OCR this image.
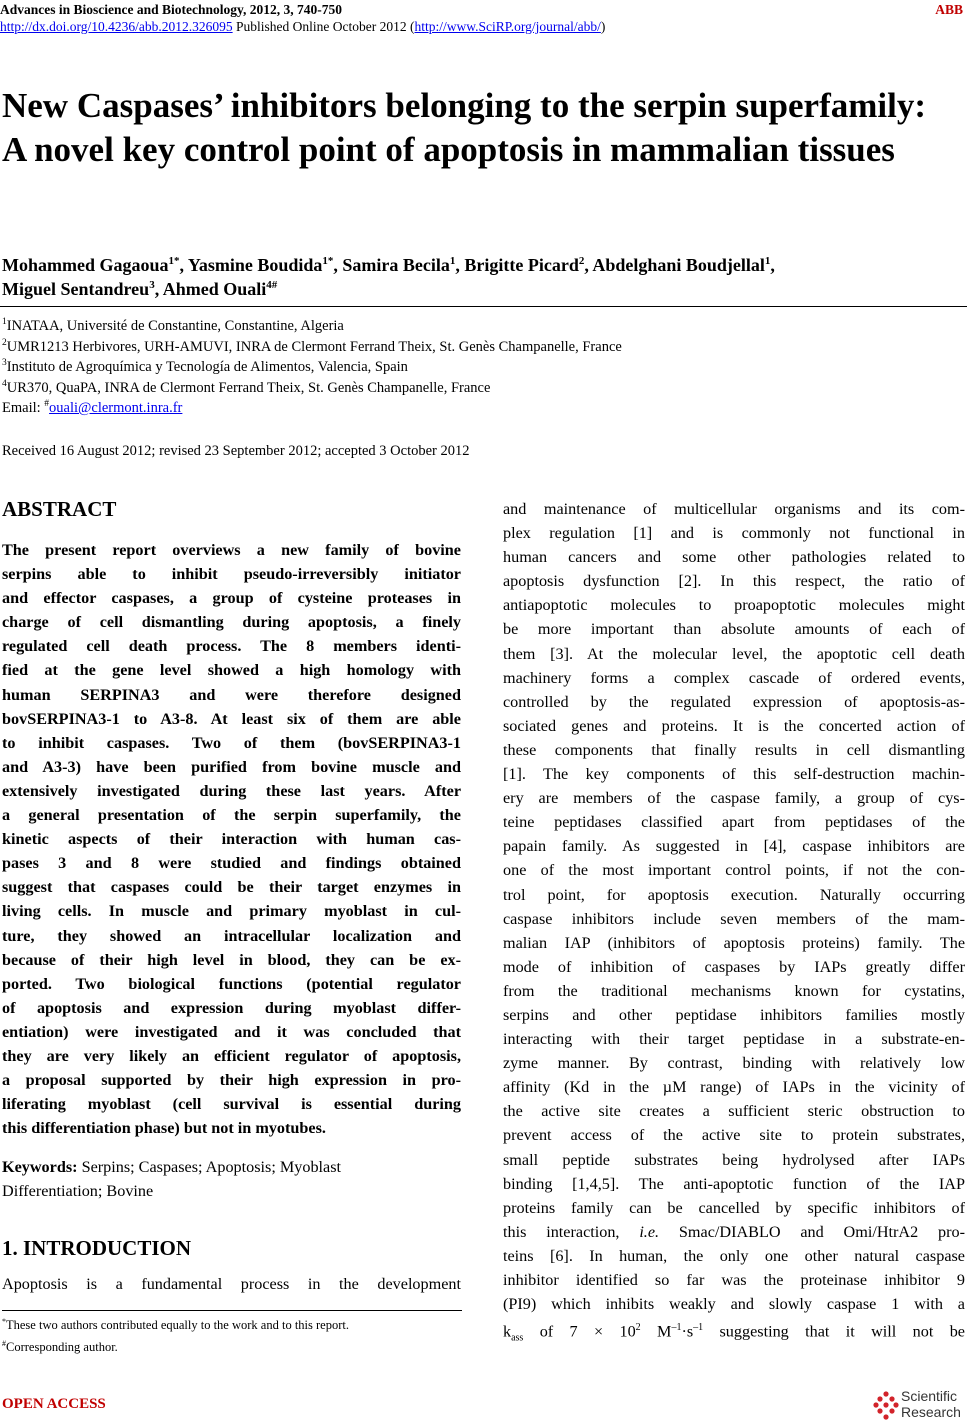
Advances in Bioscience and Biotechnology, 2012, 3, 740-750	ABB
http://dx.doi.org/10.4236/abb.2012.326095 Published Online October 2012 (http://www.SciRP.org/journal/abb/)
New Caspases’ inhibitors belonging to the serpin superfamily: A novel key control point of apoptosis in mammalian tissues
Mohammed Gagaoua$^{1*}$, Yasmine Boudida$^{1*}$, Samira Becila$^1$, Brigitte Picard$^2$, Abdelghani Boudjellal$^1$,
Miguel Sentandreu$^3$, Ahmed Ouali$^{4\#}$
$^1$INATAA, Université de Constantine, Constantine, Algeria
$^2$UMR1213 Herbivores, URH-AMUVI, INRA de Clermont Ferrand Theix, St. Genès Champanelle, France
$^3$Instituto de Agroquímica y Tecnología de Alimentos, Valencia, Spain
$^4$UR370, QuaPA, INRA de Clermont Ferrand Theix, St. Genès Champanelle, France
Email: #ouali@clermont.inra.fr
Received 16 August 2012; revised 23 September 2012; accepted 3 October 2012
ABSTRACT
The present report overviews a new family of bovine
serpins able to inhibit pseudo-irreversibly initiator
and effector caspases, a group of cysteine proteases in
charge of cell dismantling during apoptosis, a finely
regulated cell death process. The 8 members identi-
fied at the gene level showed a high homology with
human SERPINA3 and were therefore designed
bovSERPINA3-1 to A3-8. At least six of them are able
to inhibit caspases. Two of them (bovSERPINA3-1
and A3-3) have been purified from bovine muscle and
extensively investigated during these last years. After
a general presentation of the serpin superfamily, the
kinetic aspects of their interaction with human cas-
pases 3 and 8 were studied and findings obtained
suggest that caspases could be their target enzymes in
living cells. In muscle and primary myoblast in cul-
ture, they showed an intracellular localization and
because of their high level in blood, they can be ex-
ported. Two biological functions (potential regulator
of apoptosis and expression during myoblast differ-
entiation) were investigated and it was concluded that
they are very likely an efficient regulator of apoptosis,
a proposal supported by their high expression in pro-
liferating myoblast (cell survival is essential during
this differentiation phase) but not in myotubes.
Keywords: Serpins; Caspases; Apoptosis; Myoblast
Differentiation; Bovine
1. INTRODUCTION
Apoptosis is a fundamental process in the development
*These two authors contributed equally to the work and to this report.
#Corresponding author.
and maintenance of multicellular organisms and its com-
plex regulation [1] and is commonly not functional in
human cancers and some other pathologies related to
apoptosis dysfunction [2]. In this respect, the ratio of
antiapoptotic molecules to proapoptotic molecules might
be more important than absolute amounts of each of
them [3]. At the molecular level, the apoptotic cell death
machinery forms a complex cascade of ordered events,
controlled by the regulated expression of apoptosis-as-
sociated genes and proteins. It is the concerted action of
these components that finally results in cell dismantling
[1]. The key components of this self-destruction machin-
ery are members of the caspase family, a group of cys-
teine peptidases classified apart from peptidases of the
papain family. As suggested in [4], caspase inhibitors are
one of the most important control points, if not the con-
trol point, for apoptosis execution. Naturally occurring
caspase inhibitors include seven members of the mam-
malian IAP (inhibitors of apoptosis proteins) family. The
mode of inhibition of caspases by IAPs greatly differ
from the traditional mechanisms known for cystatins,
serpins and other peptidase inhibitors families mostly
interacting with their target peptidase in a substrate-en-
zyme manner. By contrast, binding with relatively low
affinity (Kd in the µM range) of IAPs in the vicinity of
the active site creates a sufficient steric obstruction to
prevent access of the active site to protein substrates,
small peptide substrates being hydrolysed after IAPs
binding [1,4,5]. The anti-apoptotic function of the IAP
proteins family can be cancelled by specific inhibitors of
this interaction, i.e. Smac/DIABLO and Omi/HtrA2 pro-
teins [6]. In human, the only one other natural caspase
inhibitor identified so far was the proteinase inhibitor 9
(PI9) which inhibits weakly and slowly caspase 1 with a
$k_{ass}$ of $7 \times 10^2$ $M^{-1}\cdot s^{-1}$ suggesting that it will not be
OPEN ACCESS	Scientific
Research
